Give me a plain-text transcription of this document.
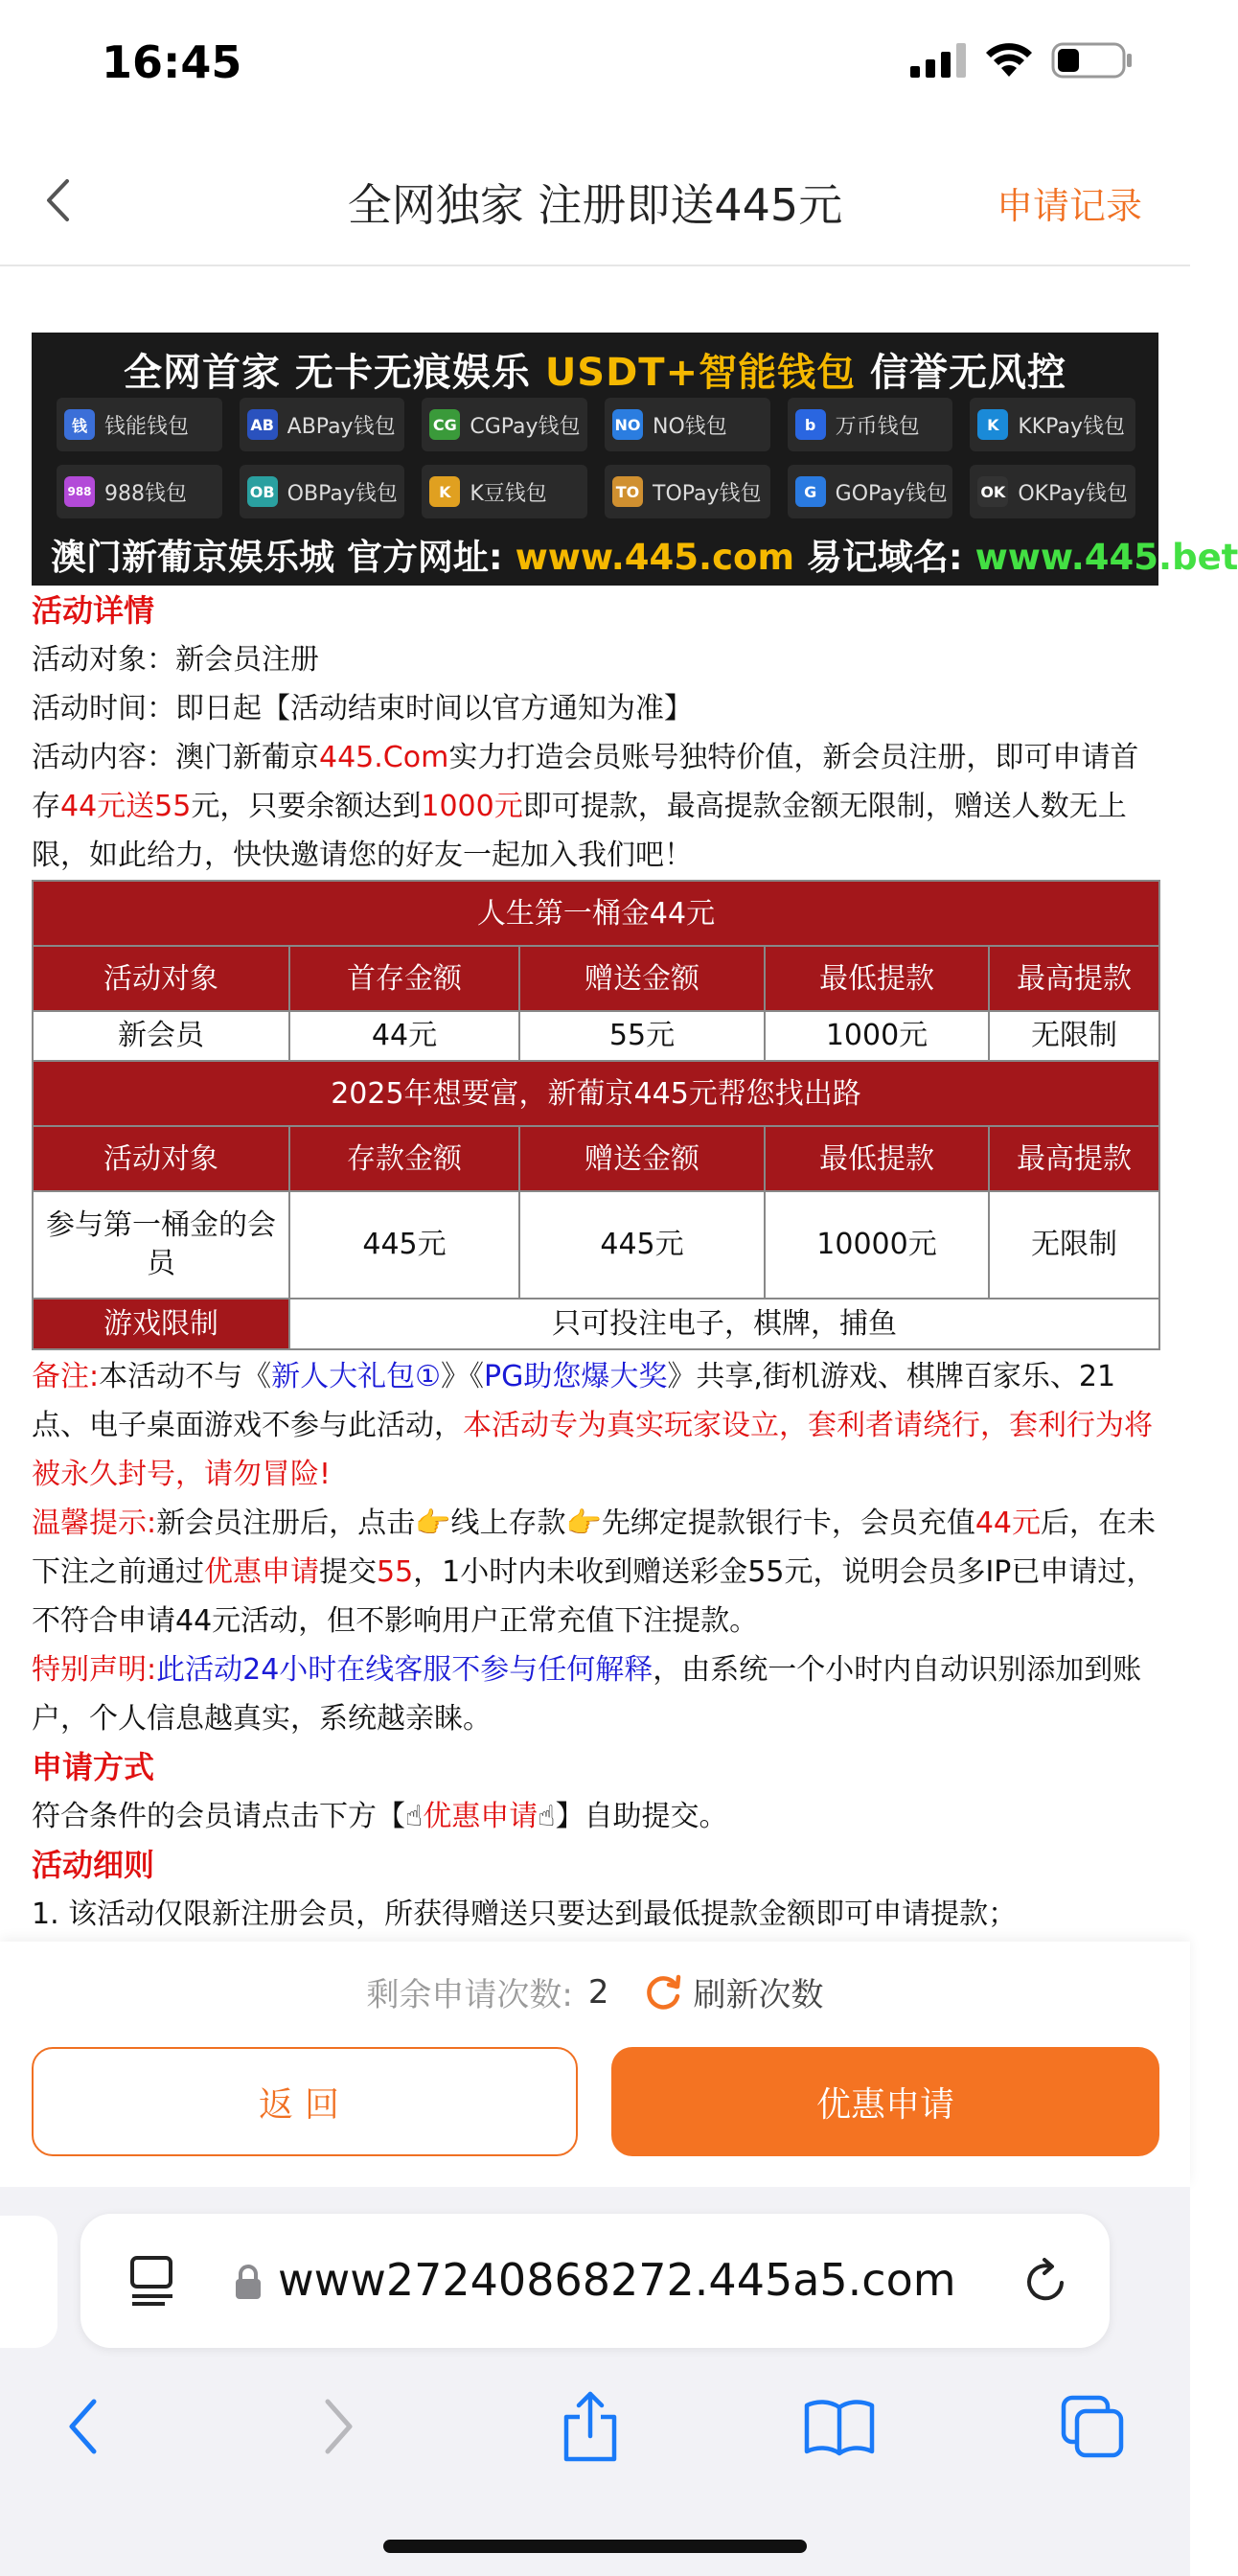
16:45
全网独家 注册即送445元	申请记录
全网首家 无卡无痕娱乐 USDT+智能钱包 信誉无风控
钱 钱能钱包	AB ABPay钱包 CG CGPay钱包 NO NO钱包	b 万币钱包	K KKPay钱包
988 988钱包	OB OBPay钱包	K K豆钱包	TO TOPay钱包	G GOPay钱包 OK OKPay钱包
澳门新葡京娱乐城 官方网址: www.445.com 易记域名: www.445.bet
活动详情
活动对象：新会员注册
活动时间：即日起【活动结束时间以官方通知为准】
活动内容：澳门新葡京445.Com实力打造会员账号独特价值，新会员注册，即可申请首存44元送55元，只要余额达到1000元即可提款，最高提款金额无限制，赠送人数无上限，如此给力，快快邀请您的好友一起加入我们吧！
人生第一桶金44元				
活动对象	首存金额	赠送金额	最低提款	最高提款
新会员	44元	55元	1000元	无限制
2025年想要富，新葡京445元帮您找出路				
活动对象	存款金额	赠送金额	最低提款	最高提款
参与第一桶金的会员	445元	445元	10000元	无限制
游戏限制	只可投注电子，棋牌，捕鱼			
备注:本活动不与《新人大礼包①》《PG助您爆大奖》共享,街机游戏、棋牌百家乐、21点、电子桌面游戏不参与此活动，本活动专为真实玩家设立，套利者请绕行，套利行为将被永久封号，请勿冒险!
温馨提示:新会员注册后，点击👉线上存款👉先绑定提款银行卡，会员充值44元后，在未下注之前通过优惠申请提交55，1小时内未收到赠送彩金55元，说明会员多IP已申请过，不符合申请44元活动，但不影响用户正常充值下注提款。
特别声明:此活动24小时在线客服不参与任何解释，由系统一个小时内自动识别添加到账户，个人信息越真实，系统越亲睐。
申请方式
符合条件的会员请点击下方【☝优惠申请☝】自助提交。
活动细则
1. 该活动仅限新注册会员，所获得赠送只要达到最低提款金额即可申请提款；
剩余申请次数: 2	刷新次数
返回	优惠申请
www27240868272.445a5.com
